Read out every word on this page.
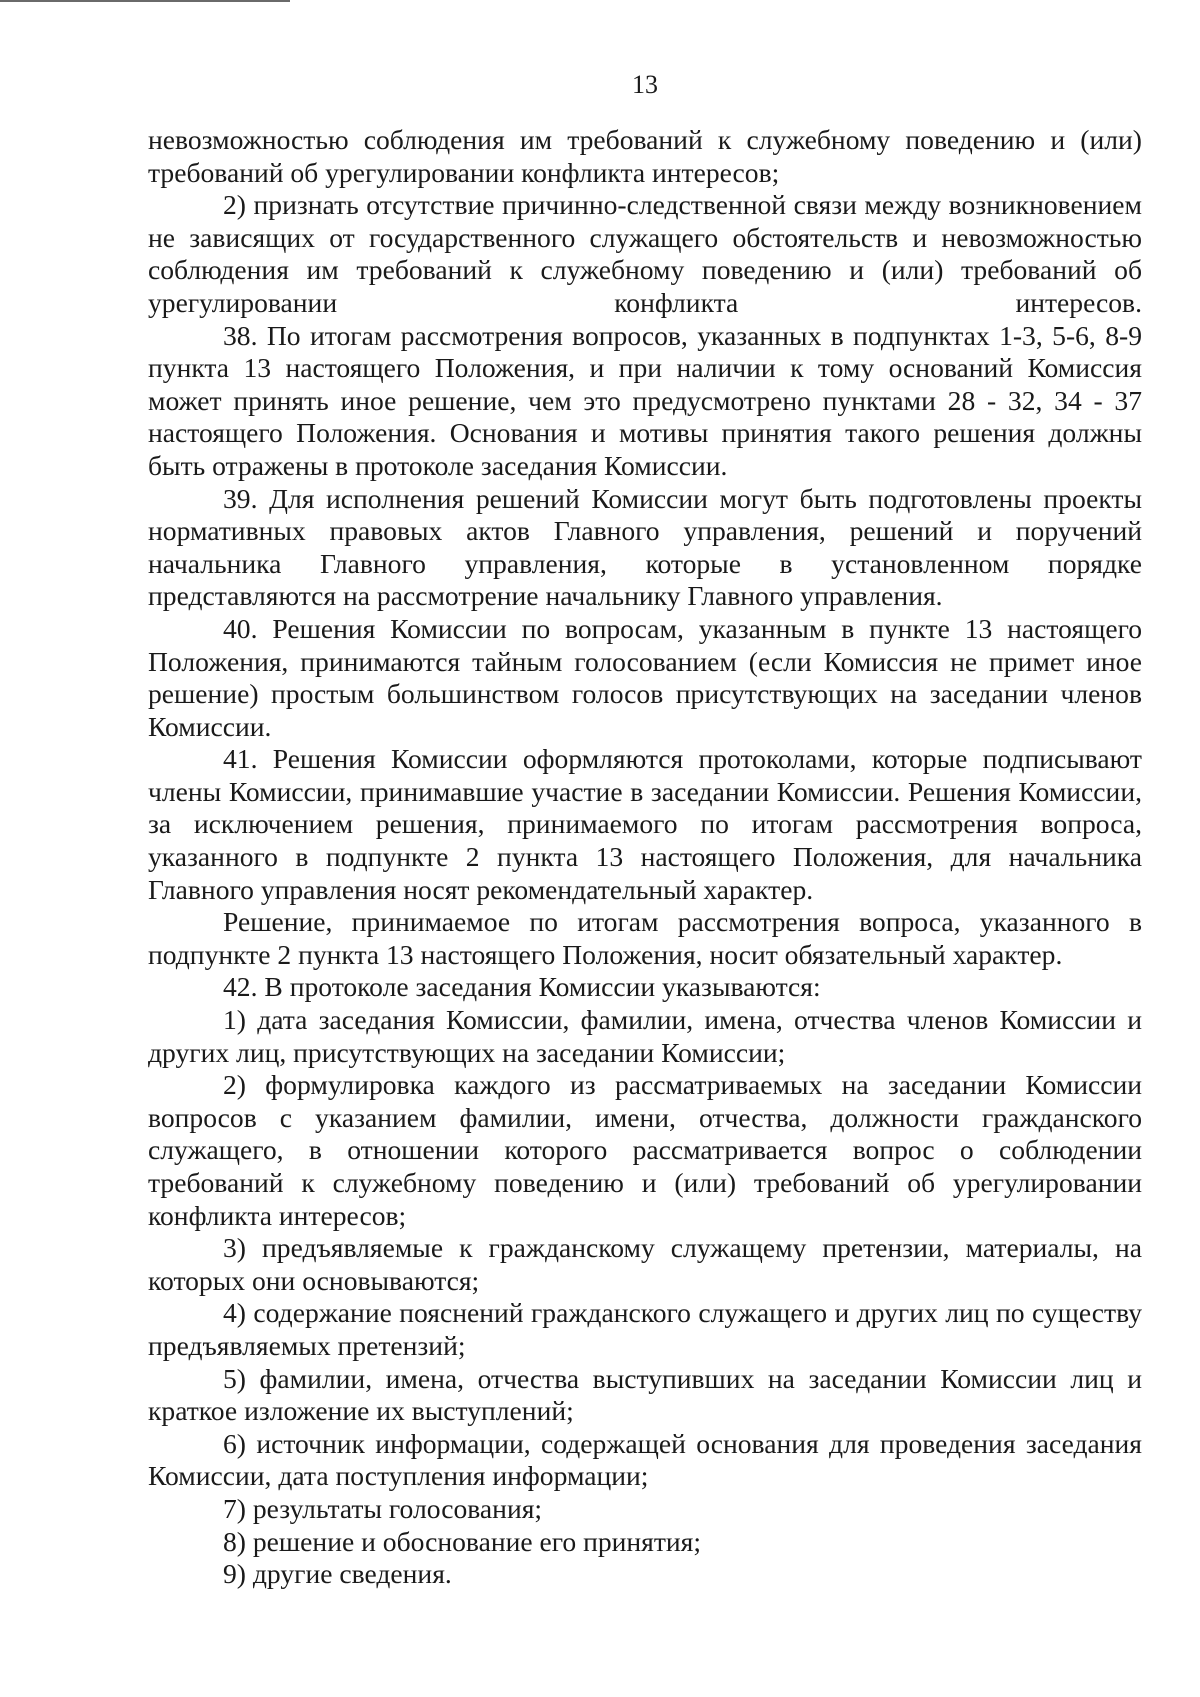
13

невозможностью соблюдения им требований к служебному поведению и (или) требований об урегулировании конфликта интересов;

2) признать отсутствие причинно-следственной связи между возникновением не зависящих от государственного служащего обстоятельств и невозможностью соблюдения им требований к служебному поведению и (или) требований об урегулировании конфликта интересов.

38. По итогам рассмотрения вопросов, указанных в подпунктах 1-3, 5-6, 8-9 пункта 13 настоящего Положения, и при наличии к тому оснований Комиссия может принять иное решение, чем это предусмотрено пунктами 28 - 32, 34 - 37 настоящего Положения. Основания и мотивы принятия такого решения должны быть отражены в протоколе заседания Комиссии.

39. Для исполнения решений Комиссии могут быть подготовлены проекты нормативных правовых актов Главного управления, решений и поручений начальника Главного управления, которые в установленном порядке представляются на рассмотрение начальнику Главного управления.

40. Решения Комиссии по вопросам, указанным в пункте 13 настоящего Положения, принимаются тайным голосованием (если Комиссия не примет иное решение) простым большинством голосов присутствующих на заседании членов Комиссии.

41. Решения Комиссии оформляются протоколами, которые подписывают члены Комиссии, принимавшие участие в заседании Комиссии. Решения Комиссии, за исключением решения, принимаемого по итогам рассмотрения вопроса, указанного в подпункте 2 пункта 13 настоящего Положения, для начальника Главного управления носят рекомендательный характер.

Решение, принимаемое по итогам рассмотрения вопроса, указанного в подпункте 2 пункта 13 настоящего Положения, носит обязательный характер.

42. В протоколе заседания Комиссии указываются:

1) дата заседания Комиссии, фамилии, имена, отчества членов Комиссии и других лиц, присутствующих на заседании Комиссии;

2) формулировка каждого из рассматриваемых на заседании Комиссии вопросов с указанием фамилии, имени, отчества, должности гражданского служащего, в отношении которого рассматривается вопрос о соблюдении требований к служебному поведению и (или) требований об урегулировании конфликта интересов;

3) предъявляемые к гражданскому служащему претензии, материалы, на которых они основываются;

4) содержание пояснений гражданского служащего и других лиц по существу предъявляемых претензий;

5) фамилии, имена, отчества выступивших на заседании Комиссии лиц и краткое изложение их выступлений;

6) источник информации, содержащей основания для проведения заседания Комиссии, дата поступления информации;

7) результаты голосования;

8) решение и обоснование его принятия;

9) другие сведения.
